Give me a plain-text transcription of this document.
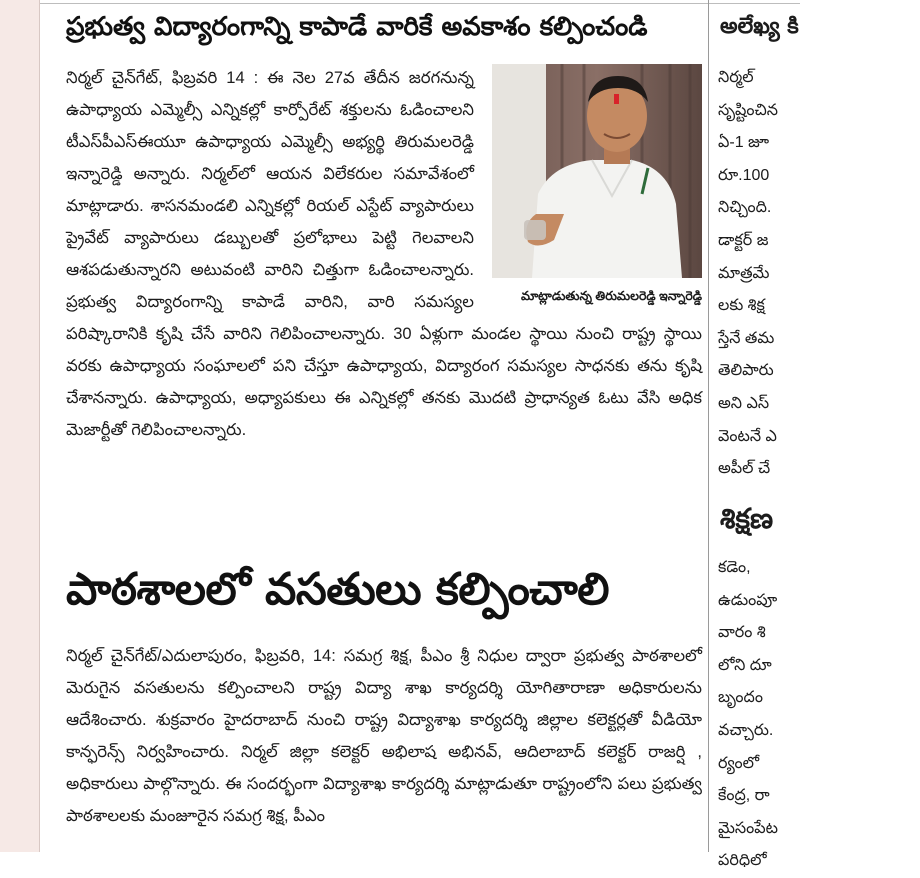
ప్రభుత్వ విద్యారంగాన్ని కాపాడే వారికే అవకాశం కల్పించండి
మాట్లాడుతున్న తిరుమలరెడ్డి ఇన్నారెడ్డి
నిర్మల్ చైన్‌గేట్, ఫిబ్రవరి 14 : ఈ నెల 27వ తేదీన జరగనున్న ఉపాధ్యాయ ఎమ్మెల్సీ ఎన్నికల్లో కార్పోరేట్ శక్తులను ఓడించాలని టీఎస్‌పీఎస్‌ఈయూ ఉపాధ్యాయ ఎమ్మెల్సీ అభ్యర్థి తిరుమలరెడ్డి ఇన్నారెడ్డి అన్నారు. నిర్మల్‌లో ఆయన విలేకరుల సమావేశంలో మాట్లాడారు. శాసనమండలి ఎన్నికల్లో రియల్ ఎస్టేట్ వ్యాపారులు ప్రైవేట్ వ్యాపారులు డబ్బులతో ప్రలోభాలు పెట్టి గెలవాలని ఆశపడుతున్నారని అటువంటి వారిని చిత్తుగా ఓడించాలన్నారు. ప్రభుత్వ విద్యారంగాన్ని కాపాడే వారిని, వారి సమస్యల పరిష్కారానికి కృషి చేసే వారిని గెలిపించాలన్నారు. 30 ఏళ్లుగా మండల స్థాయి నుంచి రాష్ట్ర స్థాయి వరకు ఉపాధ్యాయ సంఘాలలో పని చేస్తూ ఉపాధ్యాయ, విద్యారంగ సమస్యల సాధనకు తను కృషి చేశానన్నారు. ఉపాధ్యాయ, అధ్యాపకులు ఈ ఎన్నికల్లో తనకు మొదటి ప్రాధాన్యత ఓటు వేసి అధిక మెజార్టీతో గెలిపించాలన్నారు.
పాఠశాలలో వసతులు కల్పించాలి
నిర్మల్ చైన్‌గేట్/ఎదులాపురం, ఫిబ్రవరి, 14: సమగ్ర శిక్ష, పీఎం శ్రీ నిధుల ద్వారా ప్రభుత్వ పాఠశాలలో మెరుగైన వసతులను కల్పించాలని రాష్ట్ర విద్యా శాఖ కార్యదర్శి యోగితారాణా అధికారులను ఆదేశించారు. శుక్రవారం హైదరాబాద్ నుంచి రాష్ట్ర విద్యాశాఖ కార్యదర్శి జిల్లాల కలెక్టర్లతో వీడియో కాన్ఫరెన్స్ నిర్వహించారు. నిర్మల్ జిల్లా కలెక్టర్ అభిలాష అభినవ్, ఆదిలాబాద్ కలెక్టర్ రాజర్షి , అధికారులు పాల్గొన్నారు. ఈ సందర్భంగా విద్యాశాఖ కార్యదర్శి మాట్లాడుతూ రాష్ట్రంలోని పలు ప్రభుత్వ పాఠశాలలకు మంజూరైన సమగ్ర శిక్ష, పీఎం
అలేఖ్య కి
నిర్మల్
సృష్టించిన
ఏ-1 జూ
రూ.100
నిచ్చింది.
డాక్టర్ జ
మాత్రమే
లకు శిక్ష
స్తేనే తమ
తెలిపారు
అని ఎస్
వెంటనే ఎ
అపీల్ చే
శిక్షణ
కడెం,
ఉడుంపూ
వారం శి
లోని దూ
బృందం
వచ్చారు.
ర్యంలో
కేంద్ర, రా
మైసంపేట
పరిధిలో
